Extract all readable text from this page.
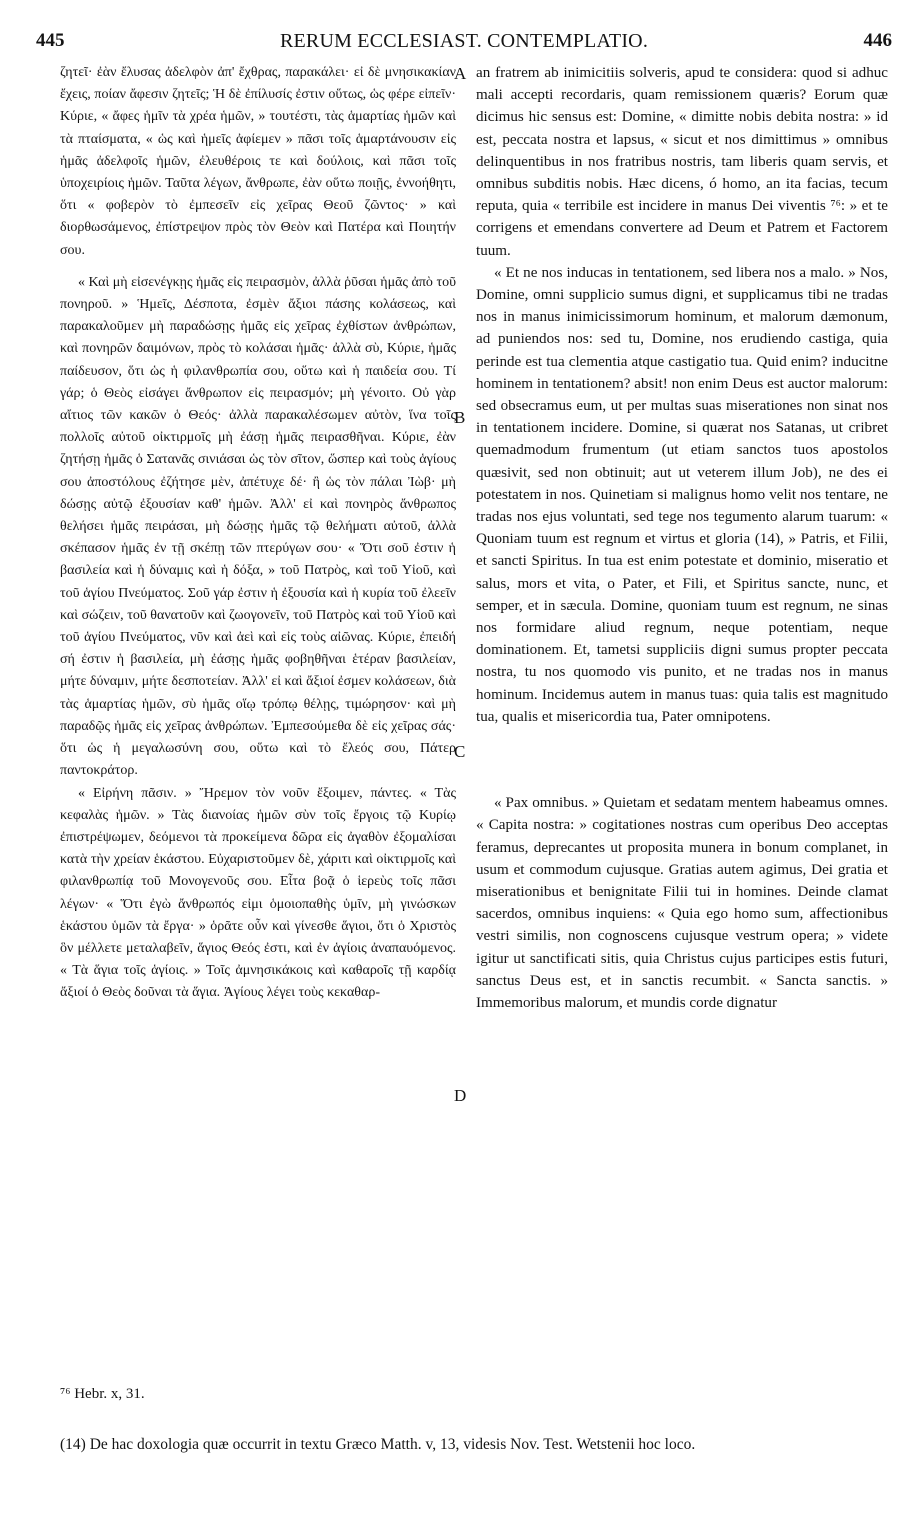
445	RERUM ECCLESIAST. CONTEMPLATIO.	446

ζητεῖ· ἐὰν ἔλυσας ἀδελφὸν ἀπ' ἔχθρας, παρακάλει· εἰ δὲ μνησικακίαν ἔχεις, ποίαν ἄφεσιν ζητεῖς; Ἡ δὲ ἐπίλυσίς ἐστιν οὕτως, ὡς φέρε εἰπεῖν· Κύριε, « ἄφες ἡμῖν τὰ χρέα ἡμῶν, » τουτέστι, τὰς ἁμαρτίας ἡμῶν καὶ τὰ πταίσματα, « ὡς καὶ ἡμεῖς ἀφίεμεν » πᾶσι τοῖς ἁμαρτάνουσιν εἰς ἡμᾶς ἀδελφοῖς ἡμῶν, ἐλευθέροις τε καὶ δούλοις, καὶ πᾶσι τοῖς ὑποχειρίοις ἡμῶν. Ταῦτα λέγων, ἄνθρωπε, ἐὰν οὕτω ποιῇς, ἐννοήθητι, ὅτι « φοβερὸν τὸ ἐμπεσεῖν εἰς χεῖρας Θεοῦ ζῶντος· » καὶ διορθωσάμενος, ἐπίστρεψον πρὸς τὸν Θεὸν καὶ Πατέρα καὶ Ποιητήν σου.

« Καὶ μὴ εἰσενέγκῃς ἡμᾶς εἰς πειρασμὸν, ἀλλὰ ῥῦσαι ἡμᾶς ἀπὸ τοῦ πονηροῦ. » Ἡμεῖς, Δέσποτα, ἐσμὲν ἄξιοι πάσης κολάσεως, καὶ παρακαλοῦμεν μὴ παραδώσῃς ἡμᾶς εἰς χεῖρας ἐχθίστων ἀνθρώπων, καὶ πονηρῶν δαιμόνων, πρὸς τὸ κολάσαι ἡμᾶς· ἀλλὰ σὺ, Κύριε, ἡμᾶς παίδευσον, ὅτι ὡς ἡ φιλανθρωπία σου, οὕτω καὶ ἡ παιδεία σου. Τί γάρ; ὁ Θεὸς εἰσάγει ἄνθρωπον εἰς πειρασμόν; μὴ γένοιτο. Οὐ γὰρ αἴτιος τῶν κακῶν ὁ Θεός· ἀλλὰ παρακαλέσωμεν αὐτὸν, ἵνα τοῖς πολλοῖς αὐτοῦ οἰκτιρμοῖς μὴ ἐάσῃ ἡμᾶς πειρασθῆναι. Κύριε, ἐὰν ζητήσῃ ἡμᾶς ὁ Σατανᾶς σινιάσαι ὡς τὸν σῖτον, ὥσπερ καὶ τοὺς ἁγίους σου ἀποστόλους ἐζήτησε μὲν, ἀπέτυχε δέ· ἢ ὡς τὸν πάλαι Ἰὼβ· μὴ δώσῃς αὐτῷ ἐξουσίαν καθ' ἡμῶν. Ἀλλ' εἰ καὶ πονηρὸς ἄνθρωπος θελήσει ἡμᾶς πειράσαι, μὴ δώσῃς ἡμᾶς τῷ θελήματι αὐτοῦ, ἀλλὰ σκέπασον ἡμᾶς ἐν τῇ σκέπῃ τῶν πτερύγων σου· « Ὅτι σοῦ ἐστιν ἡ βασιλεία καὶ ἡ δύναμις καὶ ἡ δόξα, » τοῦ Πατρὸς, καὶ τοῦ Υἱοῦ, καὶ τοῦ ἁγίου Πνεύματος. Σοῦ γάρ ἐστιν ἡ ἐξουσία καὶ ἡ κυρία τοῦ ἐλεεῖν καὶ σώζειν, τοῦ θανατοῦν καὶ ζωογονεῖν, τοῦ Πατρὸς καὶ τοῦ Υἱοῦ καὶ τοῦ ἁγίου Πνεύματος, νῦν καὶ ἀεὶ καὶ εἰς τοὺς αἰῶνας. Κύριε, ἐπειδή σή ἐστιν ἡ βασιλεία, μὴ ἐάσῃς ἡμᾶς φοβηθῆναι ἑτέραν βασιλείαν, μήτε δύναμιν, μήτε δεσποτείαν. Ἀλλ' εἰ καὶ ἄξιοί ἐσμεν κολάσεων, διὰ τὰς ἁμαρτίας ἡμῶν, σὺ ἡμᾶς οἵῳ τρόπῳ θέλῃς, τιμώρησον· καὶ μὴ παραδῷς ἡμᾶς εἰς χεῖρας ἀνθρώπων. Ἐμπεσούμεθα δὲ εἰς χεῖρας σάς· ὅτι ὡς ἡ μεγαλωσύνη σου, οὕτω καὶ τὸ ἔλεός σου, Πάτερ παντοκράτορ.

« Εἰρήνη πᾶσιν. » Ἤρεμον τὸν νοῦν ἔξοιμεν, πάντες. « Τὰς κεφαλὰς ἡμῶν. » Τὰς διανοίας ἡμῶν σὺν τοῖς ἔργοις τῷ Κυρίῳ ἐπιστρέψωμεν, δεόμενοι τὰ προκείμενα δῶρα εἰς ἀγαθὸν ἐξομαλίσαι κατὰ τὴν χρείαν ἑκάστου. Εὐχαριστοῦμεν δὲ, χάριτι καὶ οἰκτιρμοῖς καὶ φιλανθρωπίᾳ τοῦ Μονογενοῦς σου. Εἶτα βοᾷ ὁ ἱερεὺς τοῖς πᾶσι λέγων· « Ὅτι ἐγὼ ἄνθρωπός εἰμι ὁμοιοπαθὴς ὑμῖν, μὴ γινώσκων ἑκάστου ὑμῶν τὰ ἔργα· » ὁρᾶτε οὖν καὶ γίνεσθε ἅγιοι, ὅτι ὁ Χριστὸς ὃν μέλλετε μεταλαβεῖν, ἅγιος Θεός ἐστι, καὶ ἐν ἁγίοις ἀναπαυόμενος. « Τὰ ἅγια τοῖς ἁγίοις. » Τοῖς ἀμνησικάκοις καὶ καθαροῖς τῇ καρδίᾳ ἄξιοί ὁ Θεὸς δοῦναι τὰ ἅγια. Ἁγίους λέγει τοὺς κεκαθαρ-

an fratrem ab inimicitiis solveris, apud te considera: quod si adhuc mali accepti recordaris, quam remissionem quæris? Eorum quæ dicimus hic sensus est: Domine, « dimitte nobis debita nostra: » id est, peccata nostra et lapsus, « sicut et nos dimittimus » omnibus delinquentibus in nos fratribus nostris, tam liberis quam servis, et omnibus subditis nobis. Hæc dicens, ó homo, an ita facias, tecum reputa, quia « terribile est incidere in manus Dei viventis ⁷⁶: » et te corrigens et emendans convertere ad Deum et Patrem et Factorem tuum.

« Et ne nos inducas in tentationem, sed libera nos a malo. » Nos, Domine, omni supplicio sumus digni, et supplicamus tibi ne tradas nos in manus inimicissimorum hominum, et malorum dæmonum, ad puniendos nos: sed tu, Domine, nos erudiendo castiga, quia perinde est tua clementia atque castigatio tua. Quid enim? inducitne hominem in tentationem? absit! non enim Deus est auctor malorum: sed obsecramus eum, ut per multas suas miserationes non sinat nos in tentationem incidere. Domine, si quærat nos Satanas, ut cribret quemadmodum frumentum (ut etiam sanctos tuos apostolos quæsivit, sed non obtinuit; aut ut veterem illum Job), ne des ei potestatem in nos. Quinetiam si malignus homo velit nos tentare, ne tradas nos ejus voluntati, sed tege nos tegumento alarum tuarum: « Quoniam tuum est regnum et virtus et gloria (14), » Patris, et Filii, et sancti Spiritus. In tua est enim potestate et dominio, miseratio et salus, mors et vita, o Pater, et Fili, et Spiritus sancte, nunc, et semper, et in sæcula. Domine, quoniam tuum est regnum, ne sinas nos formidare aliud regnum, neque potentiam, neque dominationem. Et, tametsi suppliciis digni sumus propter peccata nostra, tu nos quomodo vis punito, et ne tradas nos in manus hominum. Incidemus autem in manus tuas: quia talis est magnitudo tua, qualis et misericordia tua, Pater omnipotens.

« Pax omnibus. » Quietam et sedatam mentem habeamus omnes. « Capita nostra: » cogitationes nostras cum operibus Deo acceptas feramus, deprecantes ut proposita munera in bonum complanet, in usum et commodum cujusque. Gratias autem agimus, Dei gratia et miserationibus et benignitate Filii tui in homines. Deinde clamat sacerdos, omnibus inquiens: « Quia ego homo sum, affectionibus vestri similis, non cognoscens cujusque vestrum opera; » videte igitur ut sanctificati sitis, quia Christus cujus participes estis futuri, sanctus Deus est, et in sanctis recumbit. « Sancta sanctis. » Immemoribus malorum, et mundis corde dignatur

A
B
C
D
⁷⁶ Hebr. x, 31.
(14) De hac doxologia quæ occurrit in textu Græco Matth. v, 13, videsis Nov. Test. Wetstenii hoc loco.
